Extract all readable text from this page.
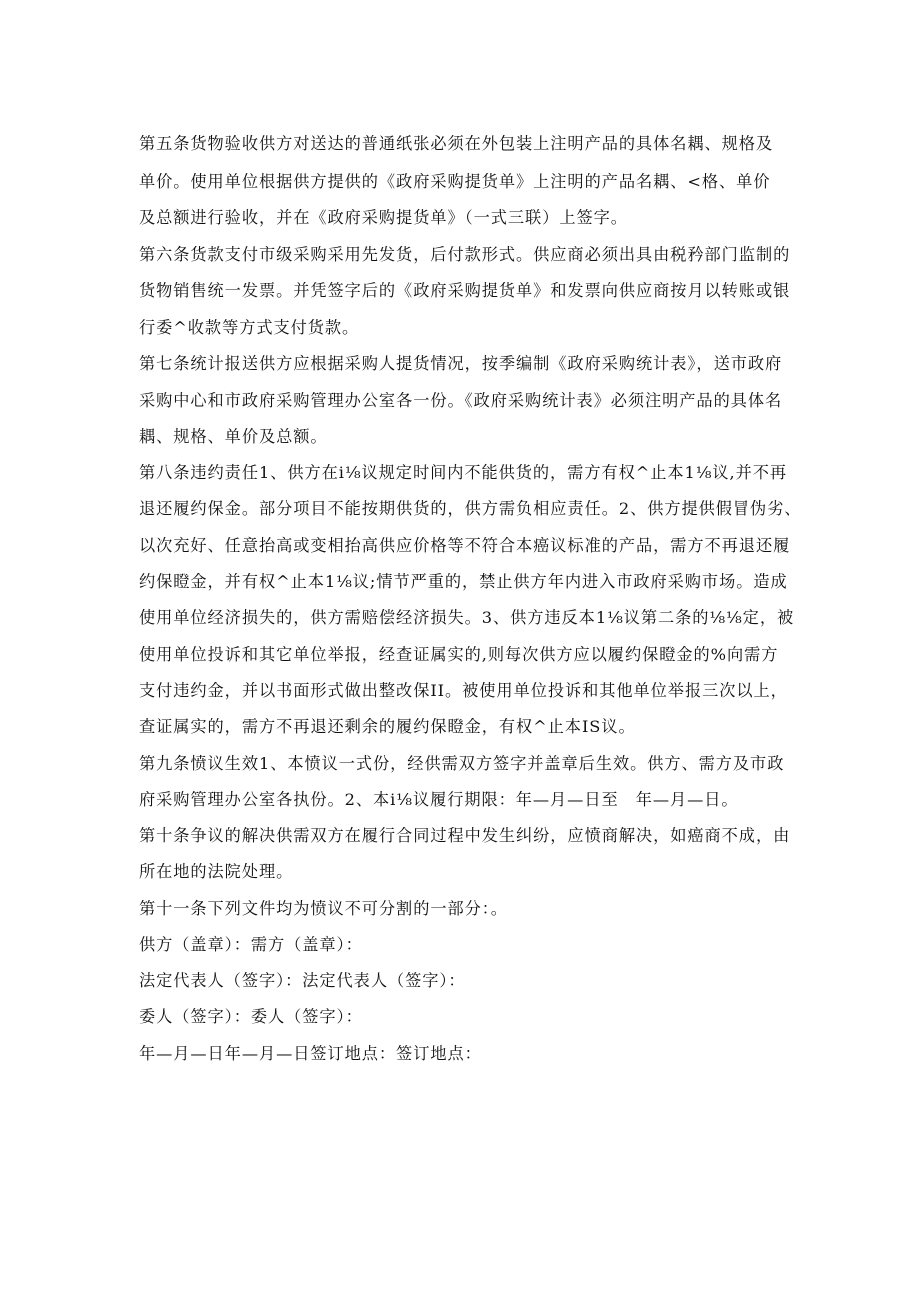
第五条货物验收供方对送达的普通纸张必须在外包装上注明产品的具体名耦、规格及
单价。使用单位根据供方提供的《政府采购提货单》上注明的产品名耦、<格、单价
及总额进行验收，并在《政府采购提货单》（一式三联）上签字。
第六条货款支付市级采购采用先发货，后付款形式。供应商必须出具由税矜部门监制的
货物销售统一发票。并凭签字后的《政府采购提货单》和发票向供应商按月以转账或银
行委^收款等方式支付货款。
第七条统计报送供方应根据采购人提货情况，按季编制《政府采购统计表》，送市政府
采购中心和市政府采购管理办公室各一份。《政府采购统计表》必须注明产品的具体名
耦、规格、单价及总额。
第八条违约责任1、供方在i⅛议规定时间内不能供货的，需方有权^止本1⅛议,并不再
退还履约保金。部分项目不能按期供货的，供方需负相应责任。2、供方提供假冒伪劣、
以次充好、任意抬高或变相抬高供应价格等不符合本癌议标准的产品，需方不再退还履
约保瞪金，并有权^止本1⅛议;情节严重的，禁止供方年内进入市政府采购市场。造成
使用单位经济损失的，供方需赔偿经济损失。3、供方违反本1⅛议第二条的⅛⅛定，被
使用单位投诉和其它单位举报，经查证属实的,则每次供方应以履约保瞪金的%向需方
支付违约金，并以书面形式做出整改保II。被使用单位投诉和其他单位举报三次以上，
查证属实的，需方不再退还剩余的履约保瞪金，有权^止本IS议。
第九条愤议生效1、本愤议一式份，经供需双方签字并盖章后生效。供方、需方及市政
府采购管理办公室各执份。2、本i⅛议履行期限：年—月—日至　年—月—日。
第十条争议的解决供需双方在履行合同过程中发生纠纷，应愤商解决，如癌商不成，由
所在地的法院处理。
第十一条下列文件均为愤议不可分割的一部分：。
供方（盖章）：需方（盖章）：
法定代表人（签字）：法定代表人（签字）：
委人（签字）：委人（签字）：
年—月—日年—月—日签订地点：签订地点：
